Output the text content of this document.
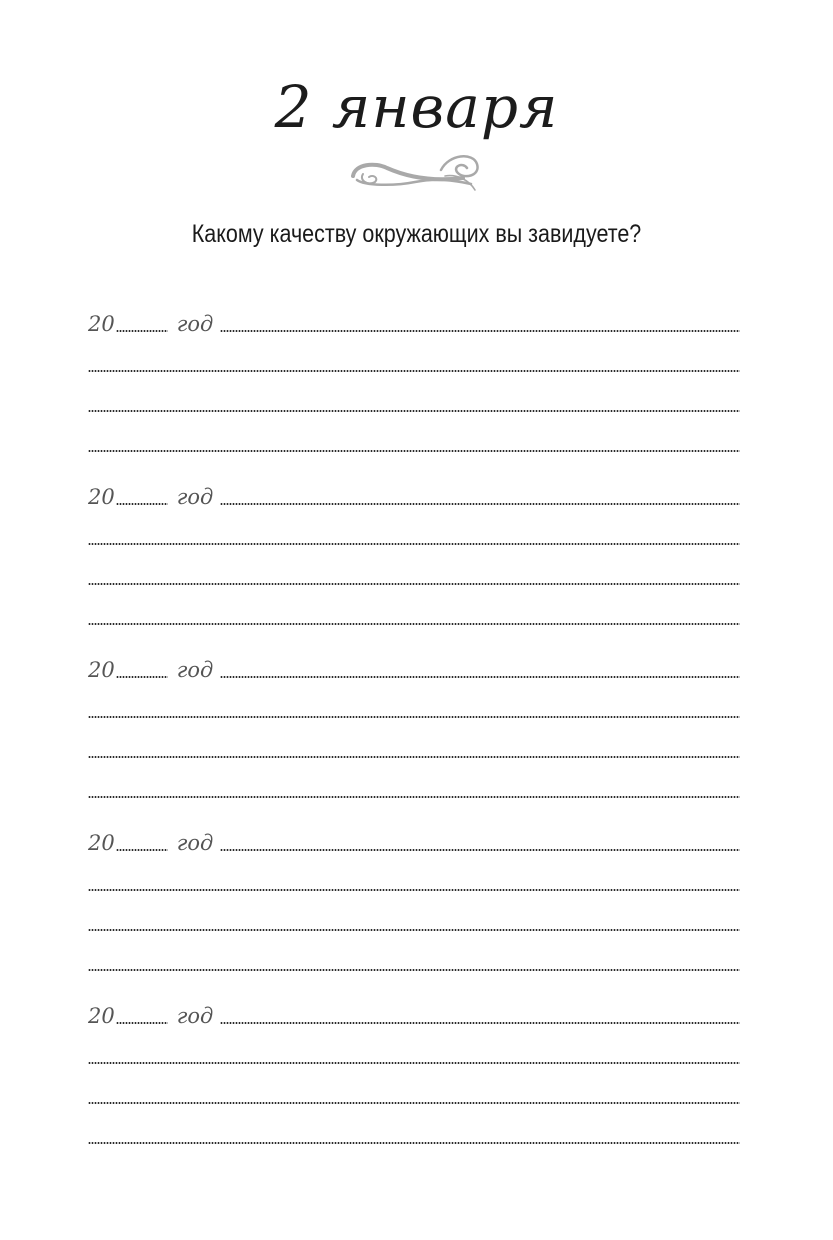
2 января
Какому качеству окружающих вы завидуете?
20	год
20	год
20	год
20	год
20	год
